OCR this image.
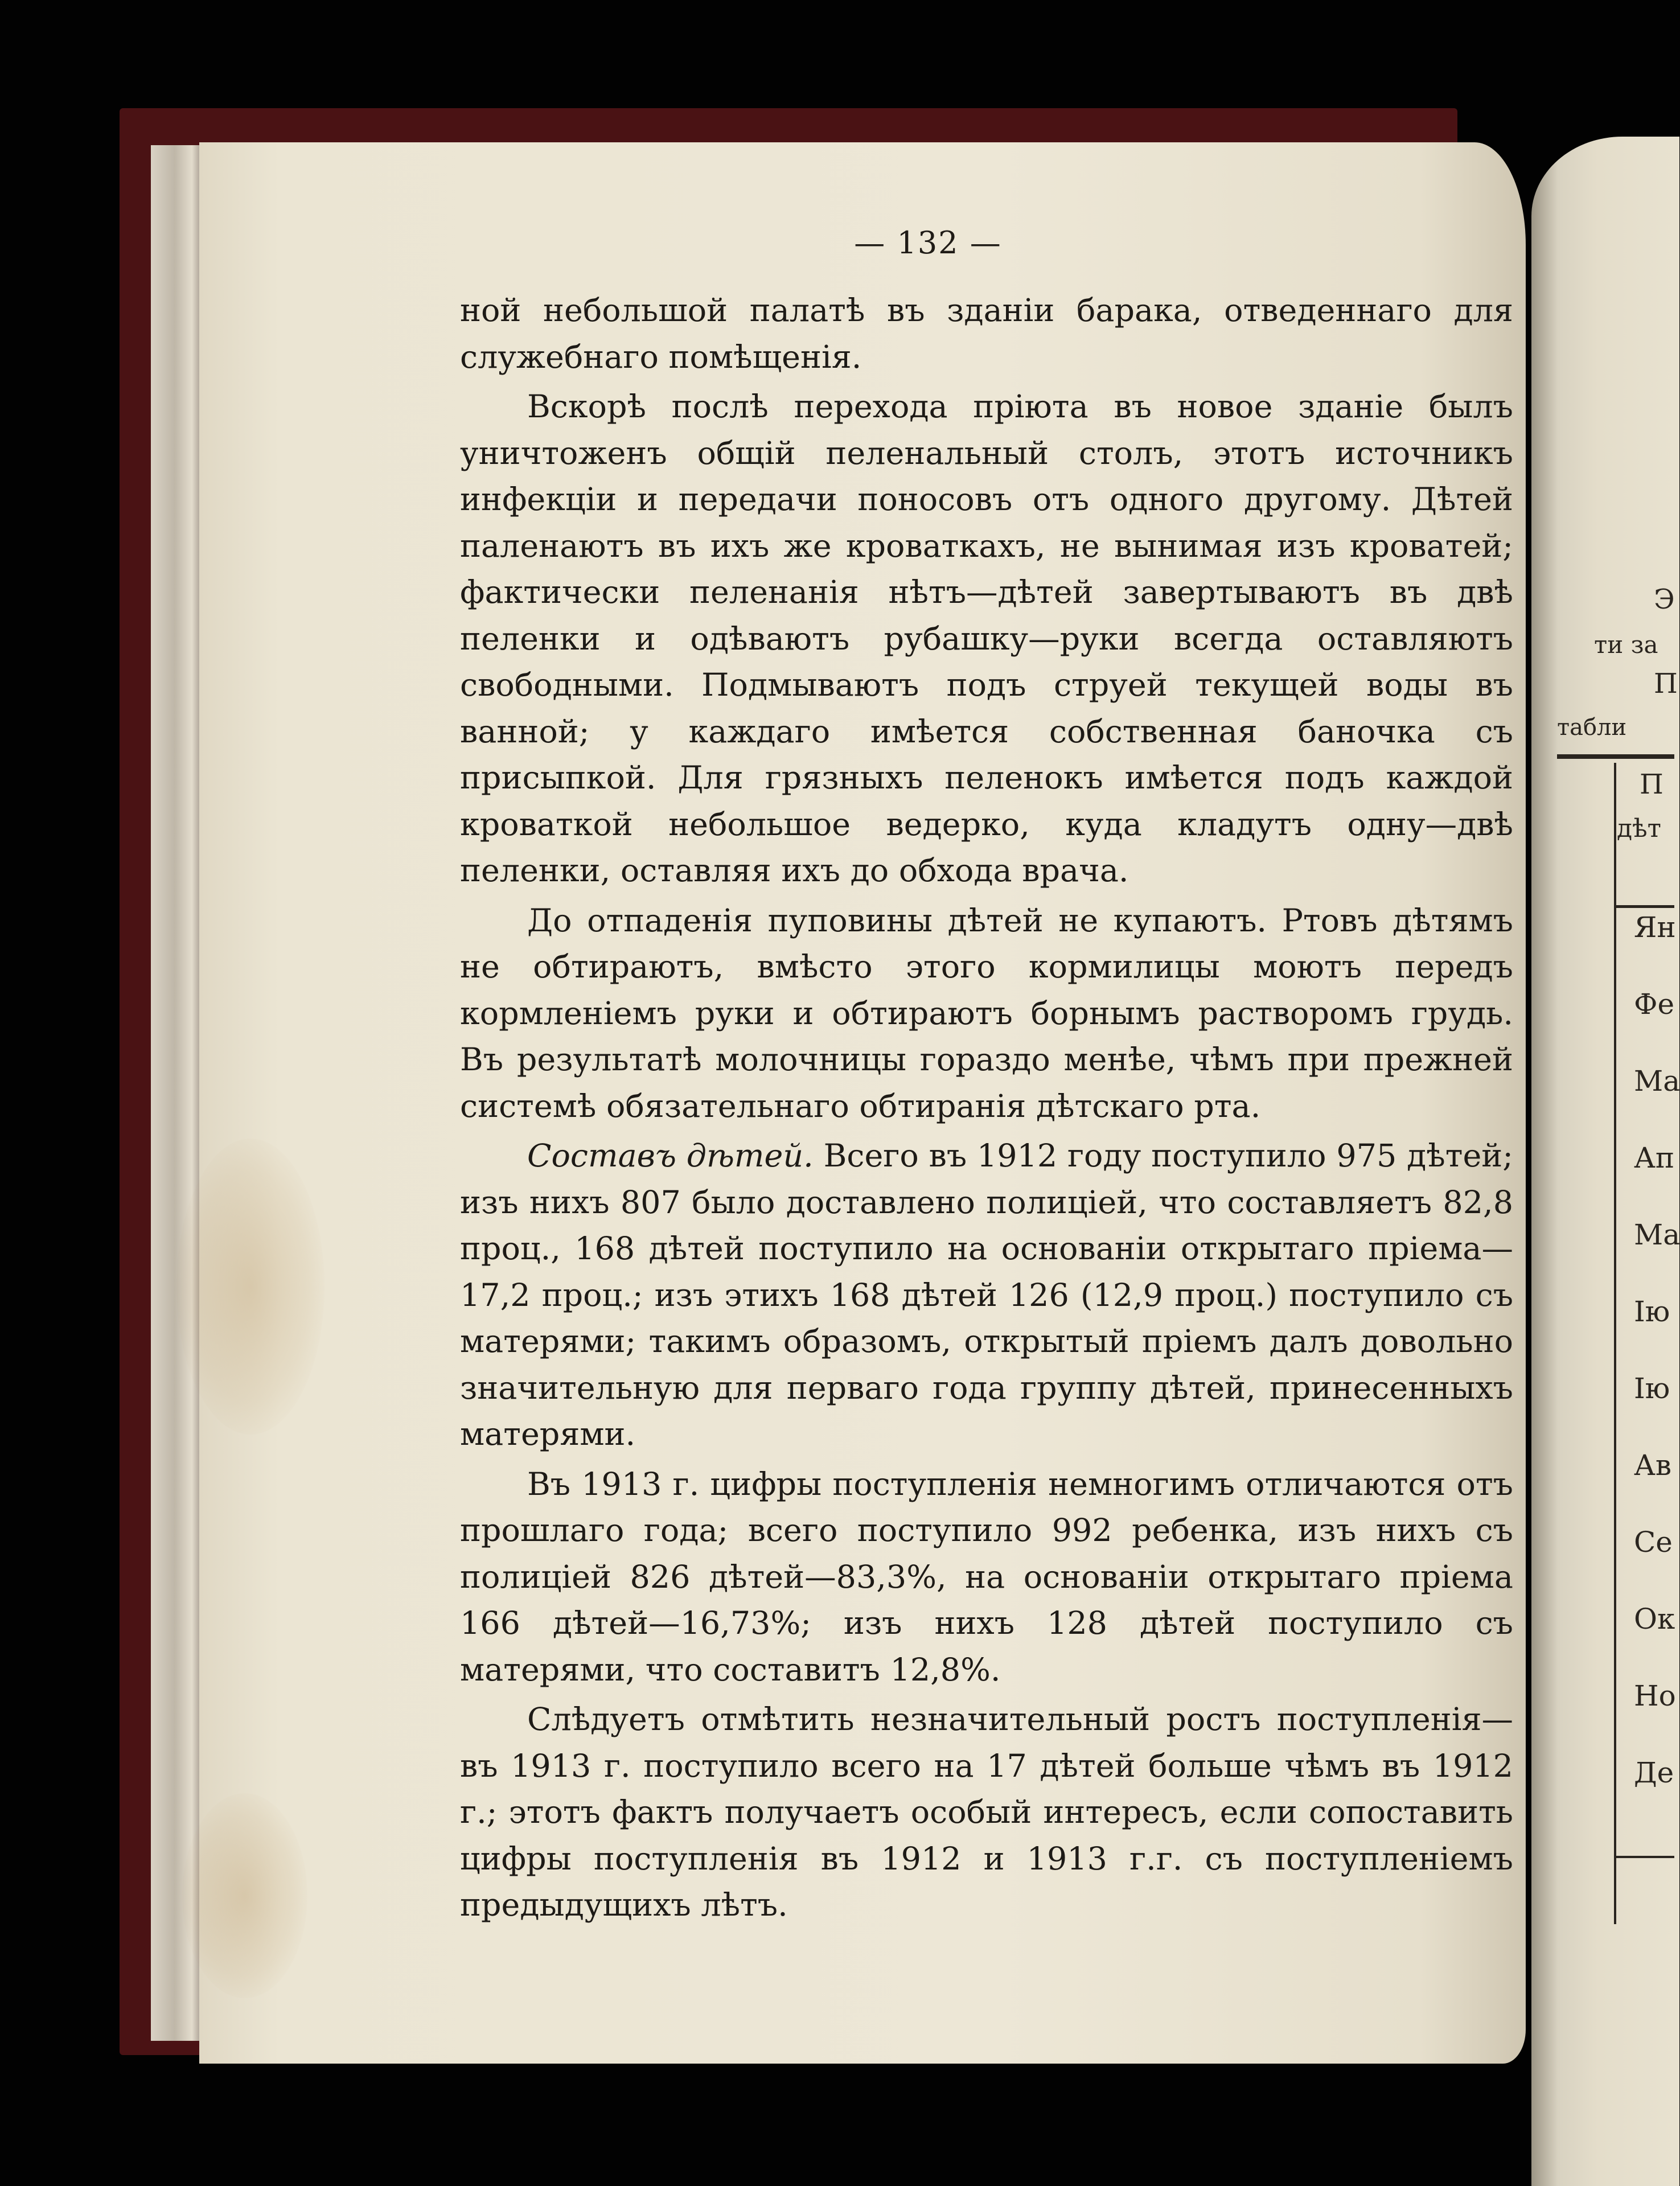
— 132 —

ной небольшой палатѣ въ зданіи барака, отведеннаго для служебнаго помѣщенія.

Вскорѣ послѣ перехода пріюта въ новое зданіе былъ уничтоженъ общій пеленальный столъ, этотъ источникъ инфекціи и передачи поносовъ отъ одного другому. Дѣтей паленаютъ въ ихъ же кроваткахъ, не вынимая изъ кроватей; фактически пеленанія нѣтъ—дѣтей завертываютъ въ двѣ пеленки и одѣваютъ рубашку—руки всегда оставляютъ свободными. Подмываютъ подъ струей текущей воды въ ванной; у каждаго имѣется собственная баночка съ присыпкой. Для грязныхъ пеленокъ имѣется подъ каждой кроваткой небольшое ведерко, куда кладутъ одну—двѣ пеленки, оставляя ихъ до обхода врача.

До отпаденія пуповины дѣтей не купаютъ. Ртовъ дѣтямъ не обтираютъ, вмѣсто этого кормилицы моютъ передъ кормленіемъ руки и обтираютъ борнымъ растворомъ грудь. Въ результатѣ молочницы гораздо менѣе, чѣмъ при прежней системѣ обязательнаго обтиранія дѣтскаго рта.

Составъ дѣтей. Всего въ 1912 году поступило 975 дѣтей; изъ нихъ 807 было доставлено полиціей, что составляетъ 82,8 проц., 168 дѣтей поступило на основаніи открытаго пріема—17,2 проц.; изъ этихъ 168 дѣтей 126 (12,9 проц.) поступило съ матерями; такимъ образомъ, открытый пріемъ далъ довольно значительную для перваго года группу дѣтей, принесенныхъ матерями.

Въ 1913 г. цифры поступленія немногимъ отличаются отъ прошлаго года; всего поступило 992 ребенка, изъ нихъ съ полиціей 826 дѣтей—83,3%, на основаніи открытаго пріема 166 дѣтей—16,73%; изъ нихъ 128 дѣтей поступило съ матерями, что составитъ 12,8%.

Слѣдуетъ отмѣтить незначительный ростъ поступленія—въ 1913 г. поступило всего на 17 дѣтей больше чѣмъ въ 1912 г.; этотъ фактъ получаетъ особый интересъ, если сопоставить цифры поступленія въ 1912 и 1913 г.г. съ поступленіемъ предыдущихъ лѣтъ.

Э
ти за
П
табли
П
дѣт
Ян
Фе
Ма
Ап
Ма
Ію
Ію
Ав
Се
Ок
Но
Де
